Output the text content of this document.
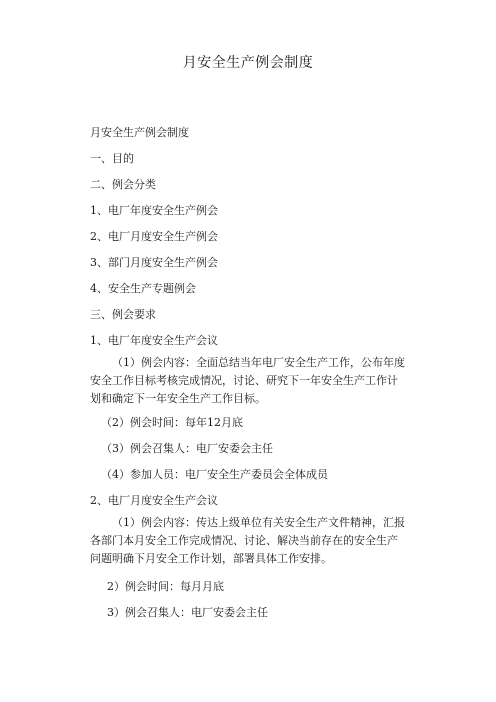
月安全生产例会制度
月安全生产例会制度
一、目的
二、例会分类
1、电厂年度安全生产例会
2、电厂月度安全生产例会
3、部门月度安全生产例会
4、安全生产专题例会
三、例会要求
1、电厂年度安全生产会议
（1）例会内容：全面总结当年电厂安全生产工作，公布年度安全工作目标考核完成情况，讨论、研究下一年安全生产工作计划和确定下一年安全生产工作目标。
（2）例会时间：每年12月底
（3）例会召集人：电厂安委会主任
（4）参加人员：电厂安全生产委员会全体成员
2、电厂月度安全生产会议
（1）例会内容：传达上级单位有关安全生产文件精神，汇报各部门本月安全工作完成情况、讨论、解决当前存在的安全生产问题明确下月安全工作计划，部署具体工作安排。
2）例会时间：每月月底
3）例会召集人：电厂安委会主任
